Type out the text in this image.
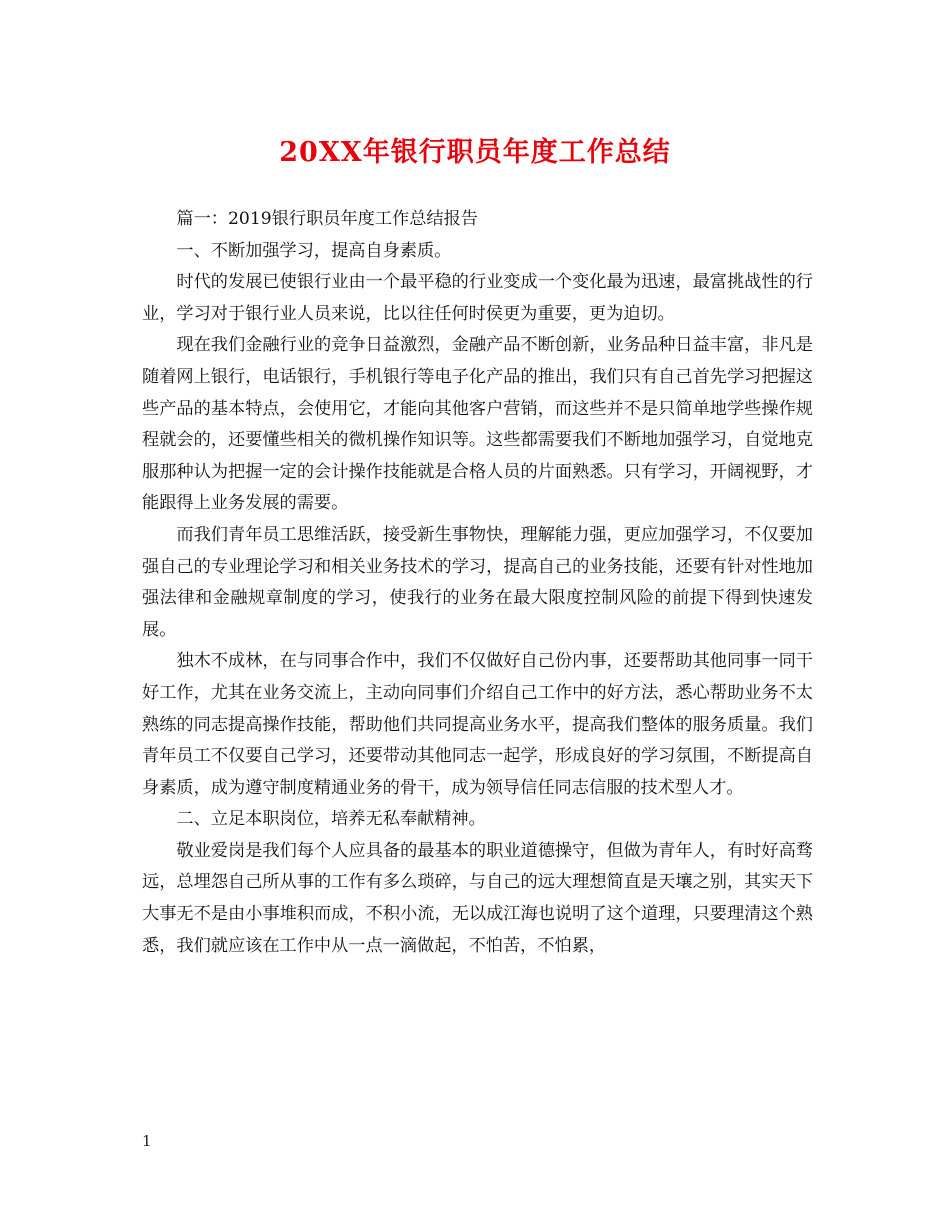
20XX年银行职员年度工作总结

篇一：2019银行职员年度工作总结报告

一、不断加强学习，提高自身素质。

时代的发展已使银行业由一个最平稳的行业变成一个变化最为迅速，最富挑战性的行业，学习对于银行业人员来说，比以往任何时侯更为重要，更为迫切。

现在我们金融行业的竞争日益激烈，金融产品不断创新，业务品种日益丰富，非凡是随着网上银行，电话银行，手机银行等电子化产品的推出，我们只有自己首先学习把握这些产品的基本特点，会使用它，才能向其他客户营销，而这些并不是只简单地学些操作规程就会的，还要懂些相关的微机操作知识等。这些都需要我们不断地加强学习，自觉地克服那种认为把握一定的会计操作技能就是合格人员的片面熟悉。只有学习，开阔视野，才能跟得上业务发展的需要。

而我们青年员工思维活跃，接受新生事物快，理解能力强，更应加强学习，不仅要加强自己的专业理论学习和相关业务技术的学习，提高自己的业务技能，还要有针对性地加强法律和金融规章制度的学习，使我行的业务在最大限度控制风险的前提下得到快速发展。

独木不成林，在与同事合作中，我们不仅做好自己份内事，还要帮助其他同事一同干好工作，尤其在业务交流上，主动向同事们介绍自己工作中的好方法，悉心帮助业务不太熟练的同志提高操作技能，帮助他们共同提高业务水平，提高我们整体的服务质量。我们青年员工不仅要自己学习，还要带动其他同志一起学，形成良好的学习氛围，不断提高自身素质，成为遵守制度精通业务的骨干，成为领导信任同志信服的技术型人才。

二、立足本职岗位，培养无私奉献精神。

敬业爱岗是我们每个人应具备的最基本的职业道德操守，但做为青年人，有时好高骛远，总埋怨自己所从事的工作有多么琐碎，与自己的远大理想简直是天壤之别，其实天下大事无不是由小事堆积而成，不积小流，无以成江海也说明了这个道理，只要理清这个熟悉，我们就应该在工作中从一点一滴做起，不怕苦，不怕累，

1
